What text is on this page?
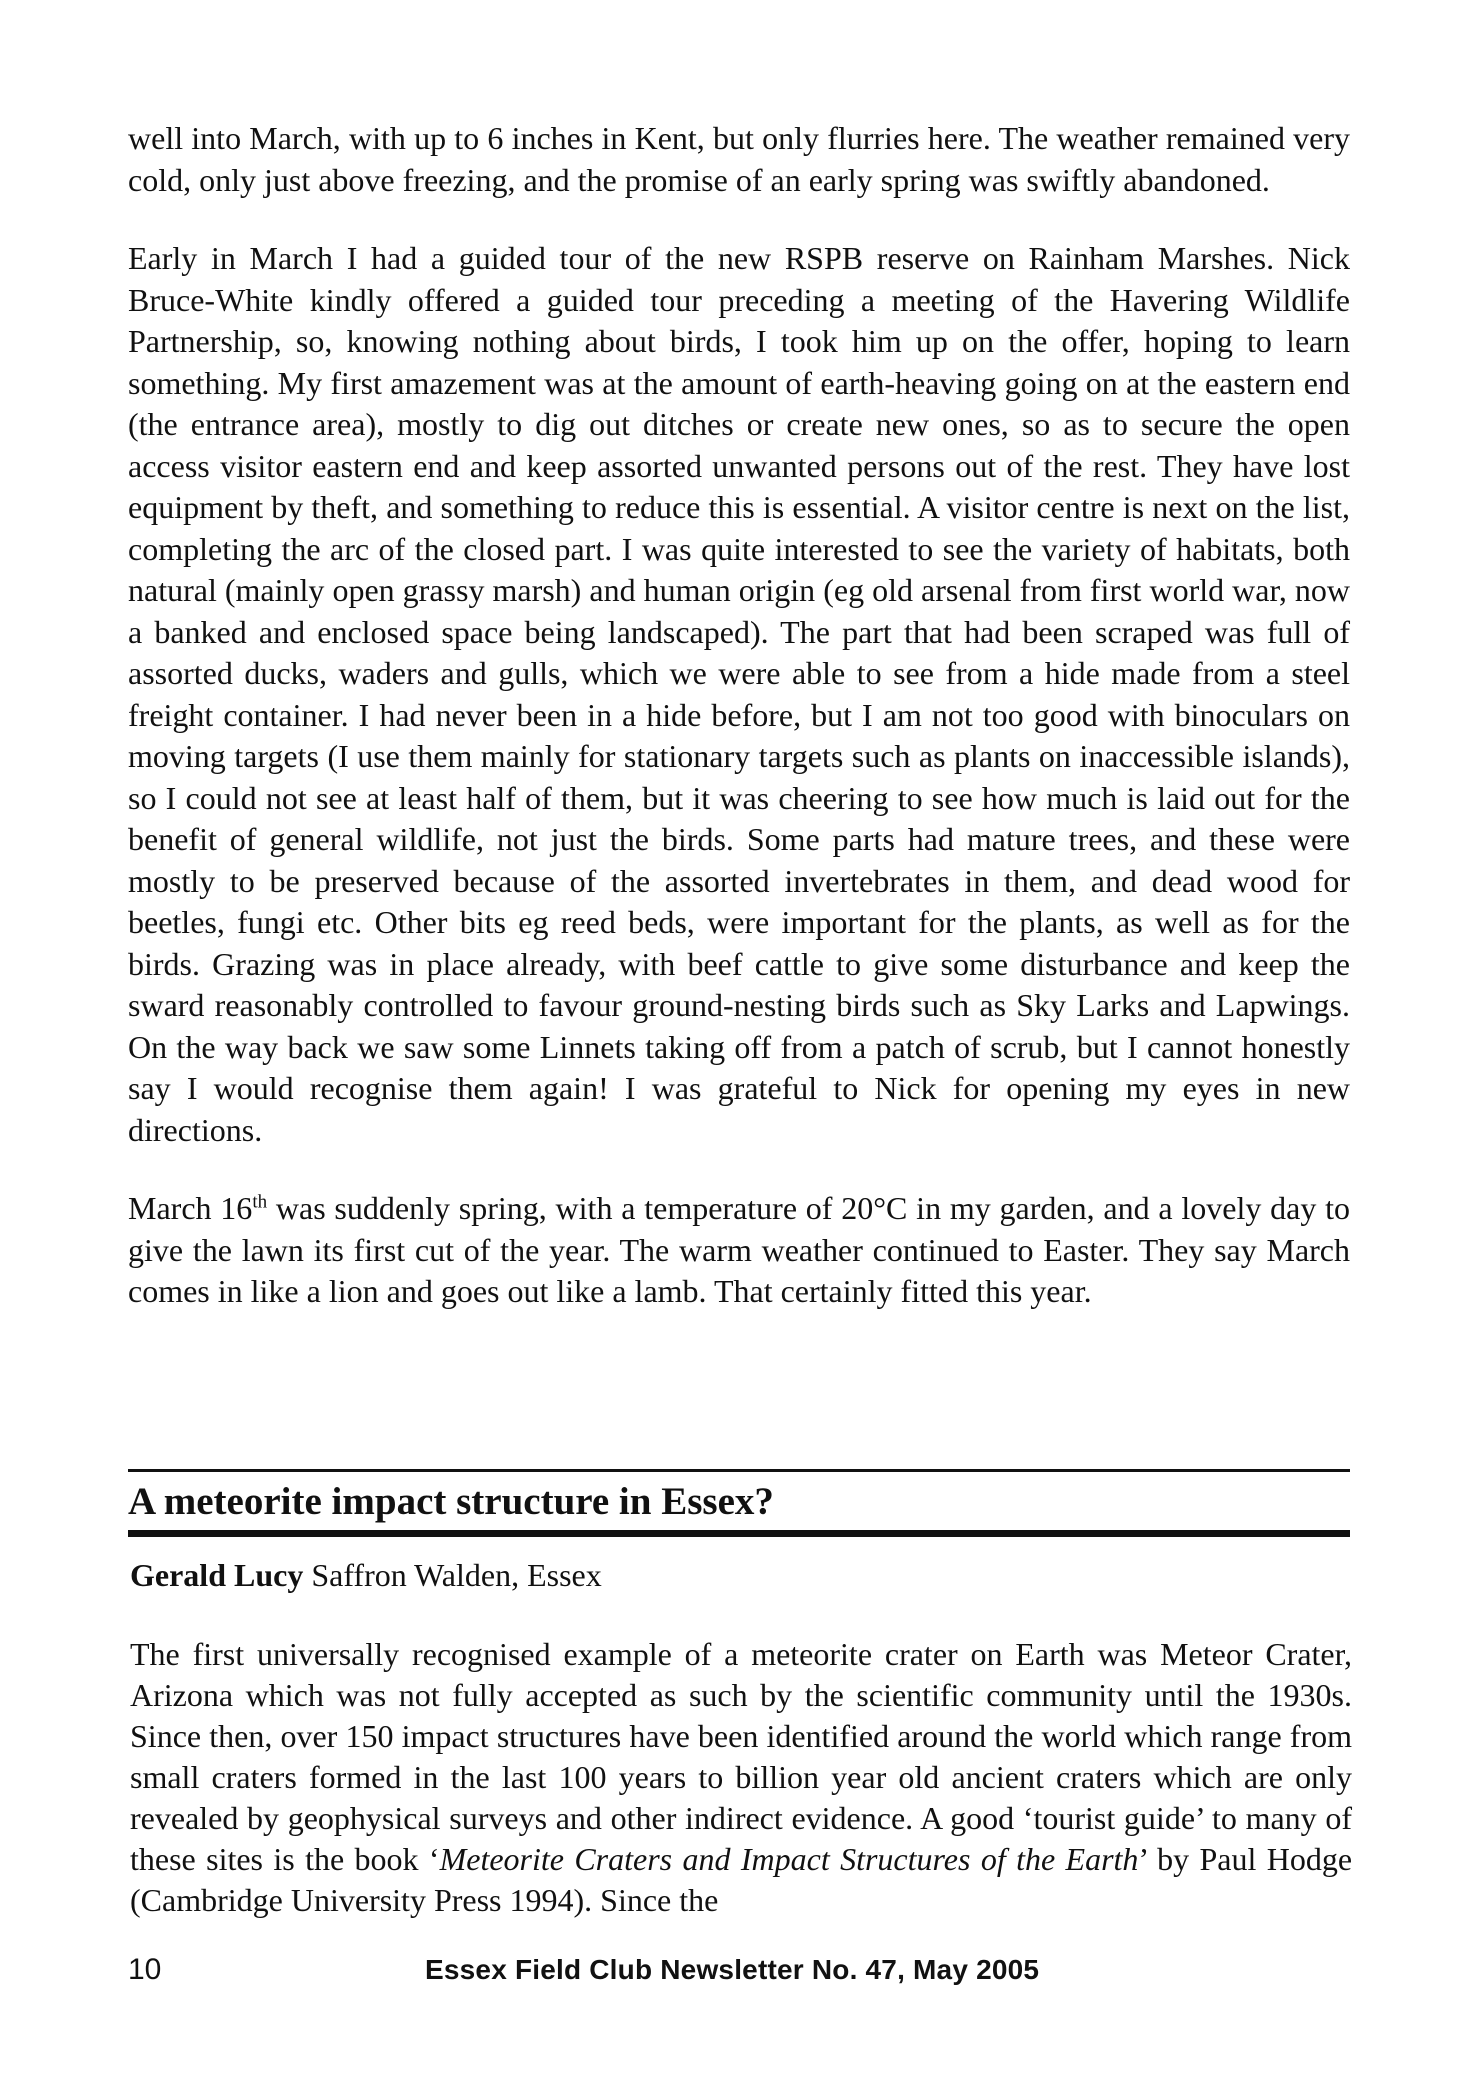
well into March, with up to 6 inches in Kent, but only flurries here. The weather remained very cold, only just above freezing, and the promise of an early spring was swiftly abandoned.

Early in March I had a guided tour of the new RSPB reserve on Rainham Marshes. Nick Bruce-White kindly offered a guided tour preceding a meeting of the Havering Wildlife Partnership, so, knowing nothing about birds, I took him up on the offer, hoping to learn something. My first amazement was at the amount of earth-heaving going on at the eastern end (the entrance area), mostly to dig out ditches or create new ones, so as to secure the open access visitor eastern end and keep assorted unwanted persons out of the rest. They have lost equipment by theft, and something to reduce this is essential. A visitor centre is next on the list, completing the arc of the closed part. I was quite interested to see the variety of habitats, both natural (mainly open grassy marsh) and human origin (eg old arsenal from first world war, now a banked and enclosed space being landscaped). The part that had been scraped was full of assorted ducks, waders and gulls, which we were able to see from a hide made from a steel freight container. I had never been in a hide before, but I am not too good with binoculars on moving targets (I use them mainly for stationary targets such as plants on inaccessible islands), so I could not see at least half of them, but it was cheering to see how much is laid out for the benefit of general wildlife, not just the birds. Some parts had mature trees, and these were mostly to be preserved because of the assorted invertebrates in them, and dead wood for beetles, fungi etc. Other bits eg reed beds, were important for the plants, as well as for the birds. Grazing was in place already, with beef cattle to give some disturbance and keep the sward reasonably controlled to favour ground-nesting birds such as Sky Larks and Lapwings. On the way back we saw some Linnets taking off from a patch of scrub, but I cannot honestly say I would recognise them again! I was grateful to Nick for opening my eyes in new directions.

March 16th was suddenly spring, with a temperature of 20°C in my garden, and a lovely day to give the lawn its first cut of the year. The warm weather continued to Easter. They say March comes in like a lion and goes out like a lamb. That certainly fitted this year.

A meteorite impact structure in Essex?
Gerald Lucy Saffron Walden, Essex

The first universally recognised example of a meteorite crater on Earth was Meteor Crater, Arizona which was not fully accepted as such by the scientific community until the 1930s. Since then, over 150 impact structures have been identified around the world which range from small craters formed in the last 100 years to billion year old ancient craters which are only revealed by geophysical surveys and other indirect evidence. A good ‘tourist guide’ to many of these sites is the book ‘Meteorite Craters and Impact Structures of the Earth’ by Paul Hodge (Cambridge University Press 1994). Since the

10	Essex Field Club Newsletter No. 47, May 2005
